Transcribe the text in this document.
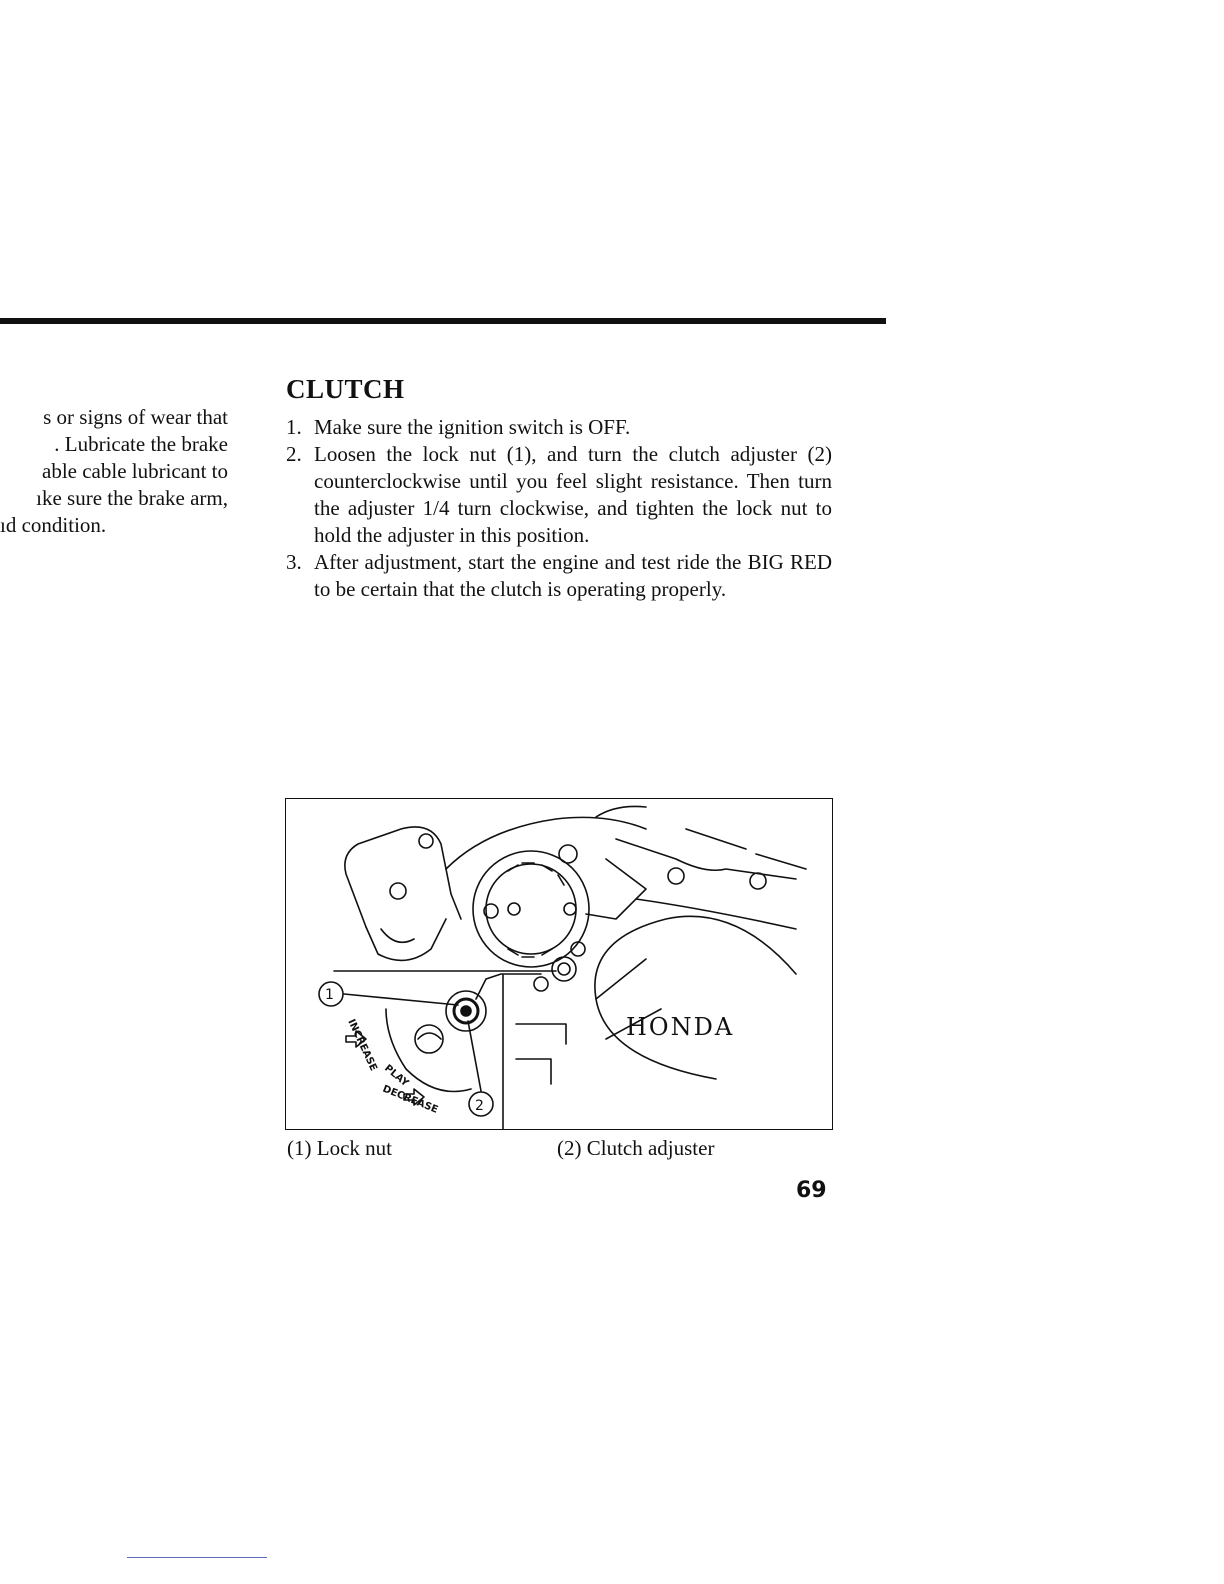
s or signs of wear that
. Lubricate the brake
able cable lubricant to
ıke sure the brake arm,
ıd condition.
CLUTCH
1. Make sure the ignition switch is OFF.
2. Loosen the lock nut (1), and turn the clutch adjuster (2) counterclockwise until you feel slight resistance. Then turn the adjuster 1/4 turn clockwise, and tighten the lock nut to hold the adjuster in this position.
3. After adjustment, start the engine and test ride the BIG RED to be certain that the clutch is operating properly.
HONDA
1
2
INCREASE
PLAY
DECREASE
(1) Lock nut	(2) Clutch adjuster
69
